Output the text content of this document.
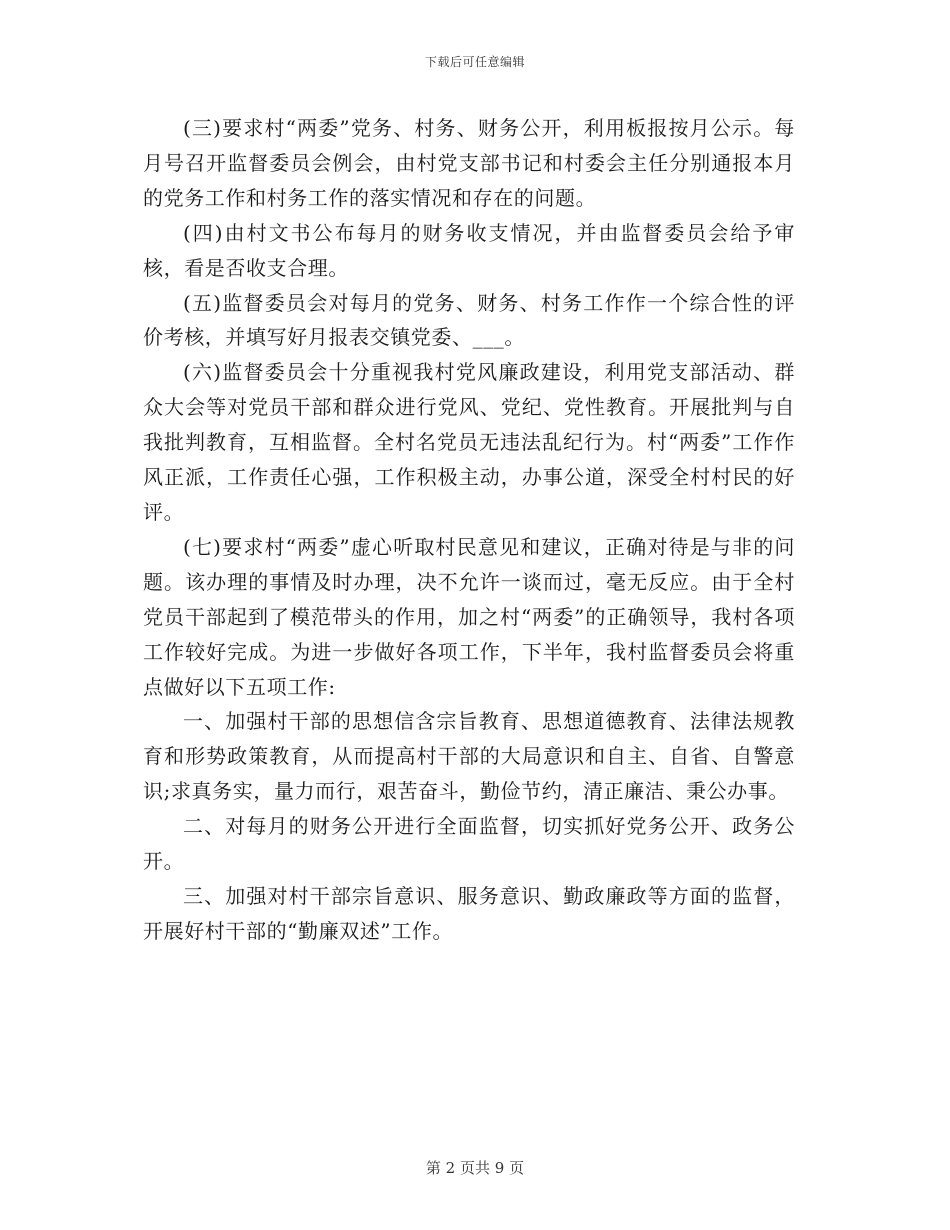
下载后可任意编辑

(三)要求村“两委”党务、村务、财务公开，利用板报按月公示。每月号召开监督委员会例会，由村党支部书记和村委会主任分别通报本月的党务工作和村务工作的落实情况和存在的问题。

(四)由村文书公布每月的财务收支情况，并由监督委员会给予审核，看是否收支合理。

(五)监督委员会对每月的党务、财务、村务工作作一个综合性的评价考核，并填写好月报表交镇党委、___。

(六)监督委员会十分重视我村党风廉政建设，利用党支部活动、群众大会等对党员干部和群众进行党风、党纪、党性教育。开展批判与自我批判教育，互相监督。全村名党员无违法乱纪行为。村“两委”工作作风正派，工作责任心强，工作积极主动，办事公道，深受全村村民的好评。

(七)要求村“两委”虚心听取村民意见和建议，正确对待是与非的问题。该办理的事情及时办理，决不允许一谈而过，毫无反应。由于全村党员干部起到了模范带头的作用，加之村“两委”的正确领导，我村各项工作较好完成。为进一步做好各项工作，下半年，我村监督委员会将重点做好以下五项工作:

一、加强村干部的思想信含宗旨教育、思想道德教育、法律法规教育和形势政策教育，从而提高村干部的大局意识和自主、自省、自警意识;求真务实，量力而行，艰苦奋斗，勤俭节约，清正廉洁、秉公办事。

二、对每月的财务公开进行全面监督，切实抓好党务公开、政务公开。

三、加强对村干部宗旨意识、服务意识、勤政廉政等方面的监督，开展好村干部的“勤廉双述”工作。

第 2 页共 9 页
